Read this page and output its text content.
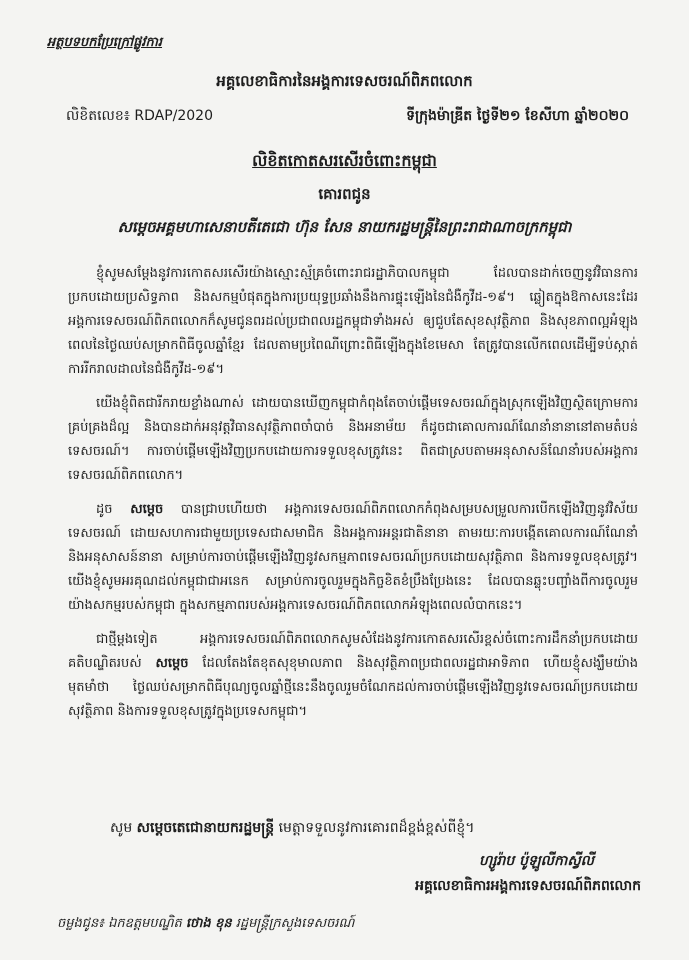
អត្ថបទបកប្រែក្រៅផ្លូវការ
អគ្គលេខាធិការនៃអង្គការទេសចរណ៍ពិភពលោក
លិខិតលេខ៖ RDAP/2020	ទីក្រុងម៉ាឌ្រីត ថ្ងៃទី២១ ខែសីហា ឆ្នាំ២០២០
លិខិតកោតសរសើរចំពោះកម្ពុជា
គោរពជូន
សម្តេចអគ្គមហាសេនាបតីតេជោ ហ៊ុន សែន នាយករដ្ឋមន្ត្រីនៃព្រះរាជាណាចក្រកម្ពុជា

ខ្ញុំសូមសម្តែងនូវការកោតសរសើរយ៉ាងស្មោះស្ម័គ្រចំពោះរាជរដ្ឋាភិបាលកម្ពុជា ដែលបានដាក់ចេញនូវវិធានការប្រកបដោយប្រសិទ្ធភាព និងសកម្មបំផុតក្នុងការប្រយុទ្ធប្រឆាំងនឹងការផ្ទុះឡើងនៃជំងឺកូវីដ-១៩។ ឆ្លៀតក្នុងឱកាសនេះដែរ អង្គការទេសចរណ៍ពិភពលោកក៏សូមជូនពរដល់ប្រជាពលរដ្ឋកម្ពុជាទាំងអស់ ឲ្យជួបតែសុខសុវត្ថិភាព និងសុខភាពល្អអំឡុងពេលនៃថ្ងៃឈប់សម្រាកពិធីចូលឆ្នាំខ្មែរ ដែលតាមប្រពៃណីព្រោះពិធីឡើងក្នុងខែមេសា តែត្រូវបានលើកពេលដើម្បីទប់ស្កាត់ការរីករាលដាលនៃជំងឺកូវីដ-១៩។

យើងខ្ញុំពិតជារីករាយខ្លាំងណាស់ ដោយបានឃើញកម្ពុជាកំពុងតែចាប់ផ្តើមទេសចរណ៍ក្នុងស្រុកឡើងវិញស្ថិតក្រោមការគ្រប់គ្រងដ៏ល្អ និងបានដាក់អនុវត្តវិធានសុវត្ថិភាពចាំបាច់ និងអនាម័យ ក៏ដូចជាគោលការណ៍ណែនាំនានានៅតាមតំបន់ទេសចរណ៍។ ការចាប់ផ្តើមឡើងវិញប្រកបដោយការទទួលខុសត្រូវនេះ ពិតជាស្របតាមអនុសាសន៍ណែនាំរបស់អង្គការទេសចរណ៍ពិភពលោក។

ដូច សម្តេច បានជ្រាបហើយថា អង្គការទេសចរណ៍ពិភពលោកកំពុងសម្របសម្រួលការបើកឡើងវិញនូវវិស័យទេសចរណ៍ ដោយសហការជាមួយប្រទេសជាសមាជិក និងអង្គការអន្តរជាតិនានា តាមរយៈការបង្កើតគោលការណ៍ណែនាំ និងអនុសាសន៍នានា សម្រាប់ការចាប់ផ្តើមឡើងវិញនូវសកម្មភាពទេសចរណ៍ប្រកបដោយសុវត្ថិភាព និងការទទួលខុសត្រូវ។ យើងខ្ញុំសូមអរគុណដល់កម្ពុជាជាអនេក សម្រាប់ការចូលរួមក្នុងកិច្ចខិតខំប្រឹងប្រែងនេះ ដែលបានឆ្លុះបញ្ចាំងពីការចូលរួមយ៉ាងសកម្មរបស់កម្ពុជា ក្នុងសកម្មភាពរបស់អង្គការទេសចរណ៍ពិភពលោកអំឡុងពេលលំបាកនេះ។

ជាថ្មីម្តងទៀត អង្គការទេសចរណ៍ពិភពលោកសូមសំដែងនូវការកោតសរសើរខ្ពស់ចំពោះការដឹកនាំប្រកបដោយគតិបណ្ឌិតរបស់ សម្តេច ដែលតែងតែខុតសុខុមាលភាព និងសុវត្ថិភាពប្រជាពលរដ្ឋជាអាទិភាព ហើយខ្ញុំសង្ឃឹមយ៉ាងមុតមាំថា ថ្ងៃឈប់សម្រាកពិធីបុណ្យចូលឆ្នាំថ្មីនេះនឹងចូលរួមចំណែកដល់ការចាប់ផ្តើមឡើងវិញនូវទេសចរណ៍ប្រកបដោយសុវត្ថិភាព និងការទទួលខុសត្រូវក្នុងប្រទេសកម្ពុជា។

សូម សម្តេចតេជោនាយករដ្ឋមន្ត្រី មេត្តាទទួលនូវការគោរពដ៏ខ្ពង់ខ្ពស់ពីខ្ញុំ។
ហ្សូរ៉ាប ប៉ូឡូលីកាស្វីលី
អគ្គលេខាធិការអង្គការទេសចរណ៍ពិភពលោក
ចម្លងជូន៖ ឯកឧត្តមបណ្ឌិត ថោង ខុន រដ្ឋមន្ត្រីក្រសួងទេសចរណ៍
